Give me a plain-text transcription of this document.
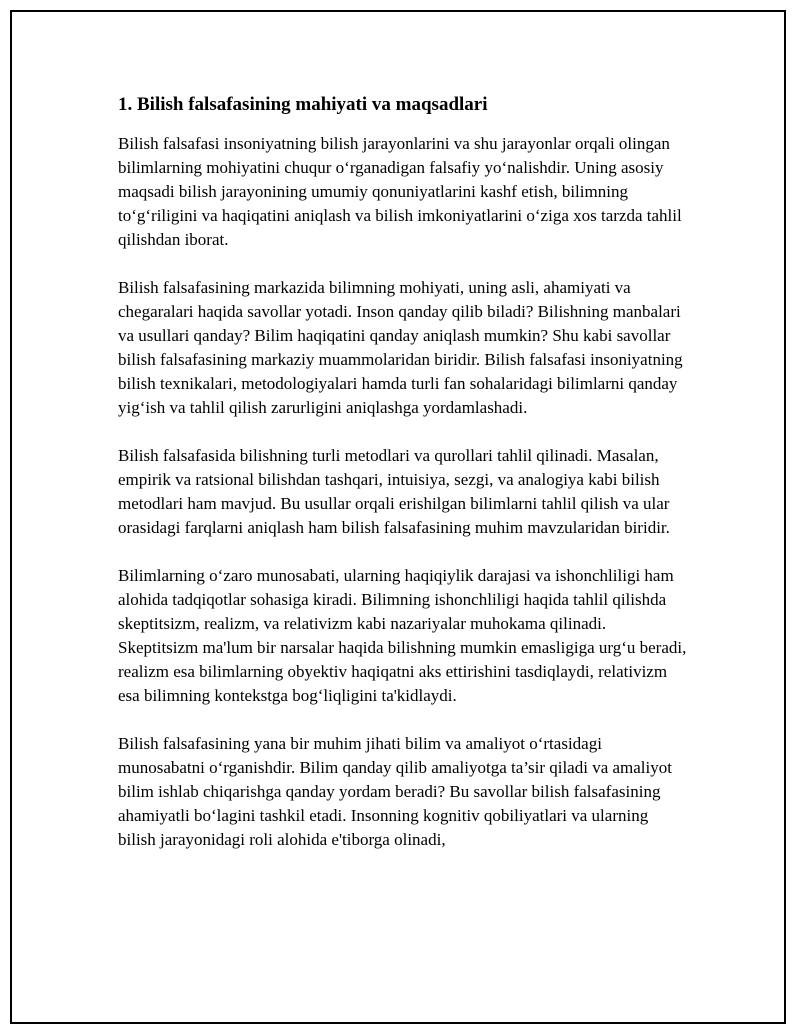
1. Bilish falsafasining mahiyati va maqsadlari

Bilish falsafasi insoniyatning bilish jarayonlarini va shu jarayonlar orqali olingan bilimlarning mohiyatini chuqur oʻrganadigan falsafiy yoʻnalishdir. Uning asosiy maqsadi bilish jarayonining umumiy qonuniyatlarini kashf etish, bilimning toʻgʻriligini va haqiqatini aniqlash va bilish imkoniyatlarini oʻziga xos tarzda tahlil qilishdan iborat.

Bilish falsafasining markazida bilimning mohiyati, uning asli, ahamiyati va chegaralari haqida savollar yotadi. Inson qanday qilib biladi? Bilishning manbalari va usullari qanday? Bilim haqiqatini qanday aniqlash mumkin? Shu kabi savollar bilish falsafasining markaziy muammolaridan biridir. Bilish falsafasi insoniyatning bilish texnikalari, metodologiyalari hamda turli fan sohalaridagi bilimlarni qanday yigʻish va tahlil qilish zarurligini aniqlashga yordamlashadi.

Bilish falsafasida bilishning turli metodlari va qurollari tahlil qilinadi. Masalan, empirik va ratsional bilishdan tashqari, intuisiya, sezgi, va analogiya kabi bilish metodlari ham mavjud. Bu usullar orqali erishilgan bilimlarni tahlil qilish va ular orasidagi farqlarni aniqlash ham bilish falsafasining muhim mavzularidan biridir.

Bilimlarning oʻzaro munosabati, ularning haqiqiylik darajasi va ishonchliligi ham alohida tadqiqotlar sohasiga kiradi. Bilimning ishonchliligi haqida tahlil qilishda skeptitsizm, realizm, va relativizm kabi nazariyalar muhokama qilinadi. Skeptitsizm ma'lum bir narsalar haqida bilishning mumkin emasligiga urgʻu beradi, realizm esa bilimlarning obyektiv haqiqatni aks ettirishini tasdiqlaydi, relativizm esa bilimning kontekstga bogʻliqligini ta'kidlaydi.

Bilish falsafasining yana bir muhim jihati bilim va amaliyot oʻrtasidagi munosabatni oʻrganishdir. Bilim qanday qilib amaliyotga ta’sir qiladi va amaliyot bilim ishlab chiqarishga qanday yordam beradi? Bu savollar bilish falsafasining ahamiyatli boʻlagini tashkil etadi. Insonning kognitiv qobiliyatlari va ularning bilish jarayonidagi roli alohida e'tiborga olinadi,
